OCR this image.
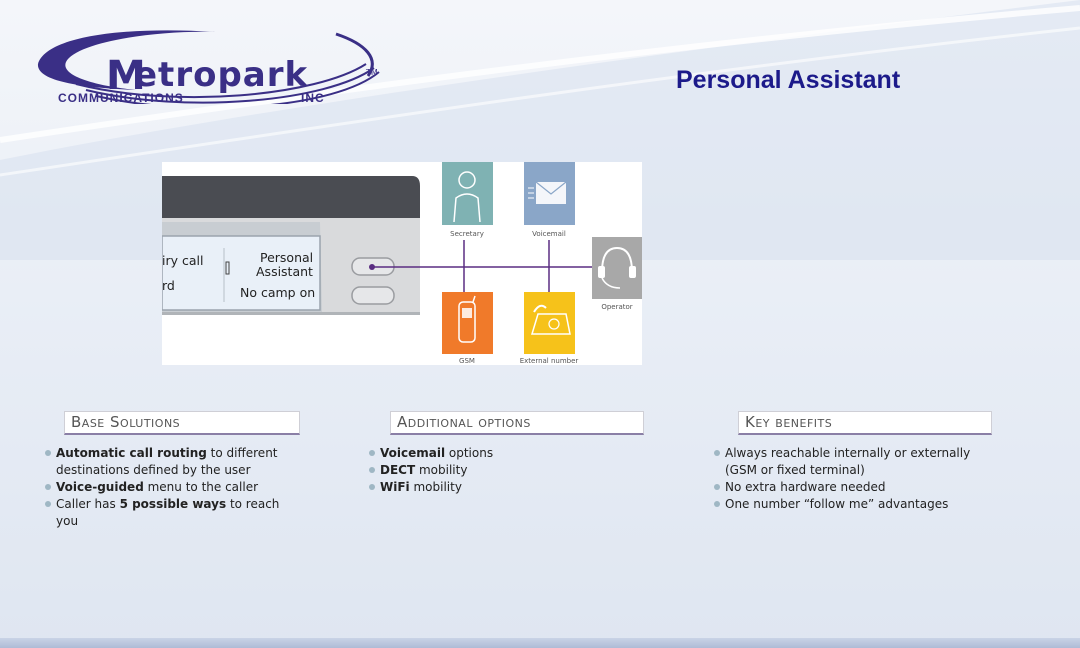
M
etropark	TM
COMMUNICATIONS	INC
Personal Assistant
iry call
rd
Personal
Assistant
No camp on
Secretary	Voicemail
Operator
GSM	External number
Base Solutions
Automatic call routing to different destinations defined by the user
Voice-guided menu to the caller
Caller has 5 possible ways to reach you
Additional options
Voicemail options
DECT mobility
WiFi mobility
Key benefits
Always reachable internally or externally (GSM or fixed terminal)
No extra hardware needed
One number “follow me” advantages
